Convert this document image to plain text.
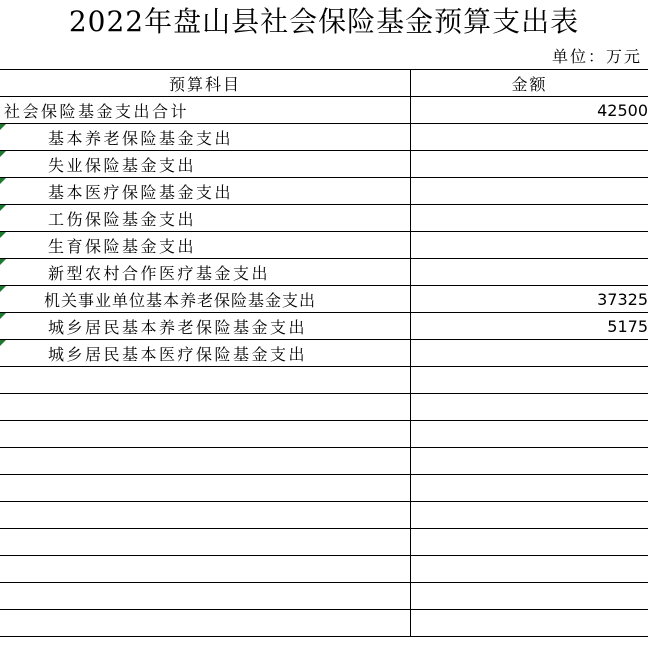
2022年盘山县社会保险基金预算支出表
单位：万元
预算科目	金额
社会保险基金支出合计	42500

基本养老保险基金支出	

失业保险基金支出	

基本医疗保险基金支出	

工伤保险基金支出	

生育保险基金支出	

新型农村合作医疗基金支出	

机关事业单位基本养老保险基金支出	37325

城乡居民基本养老保险基金支出	5175

城乡居民基本医疗保险基金支出	
